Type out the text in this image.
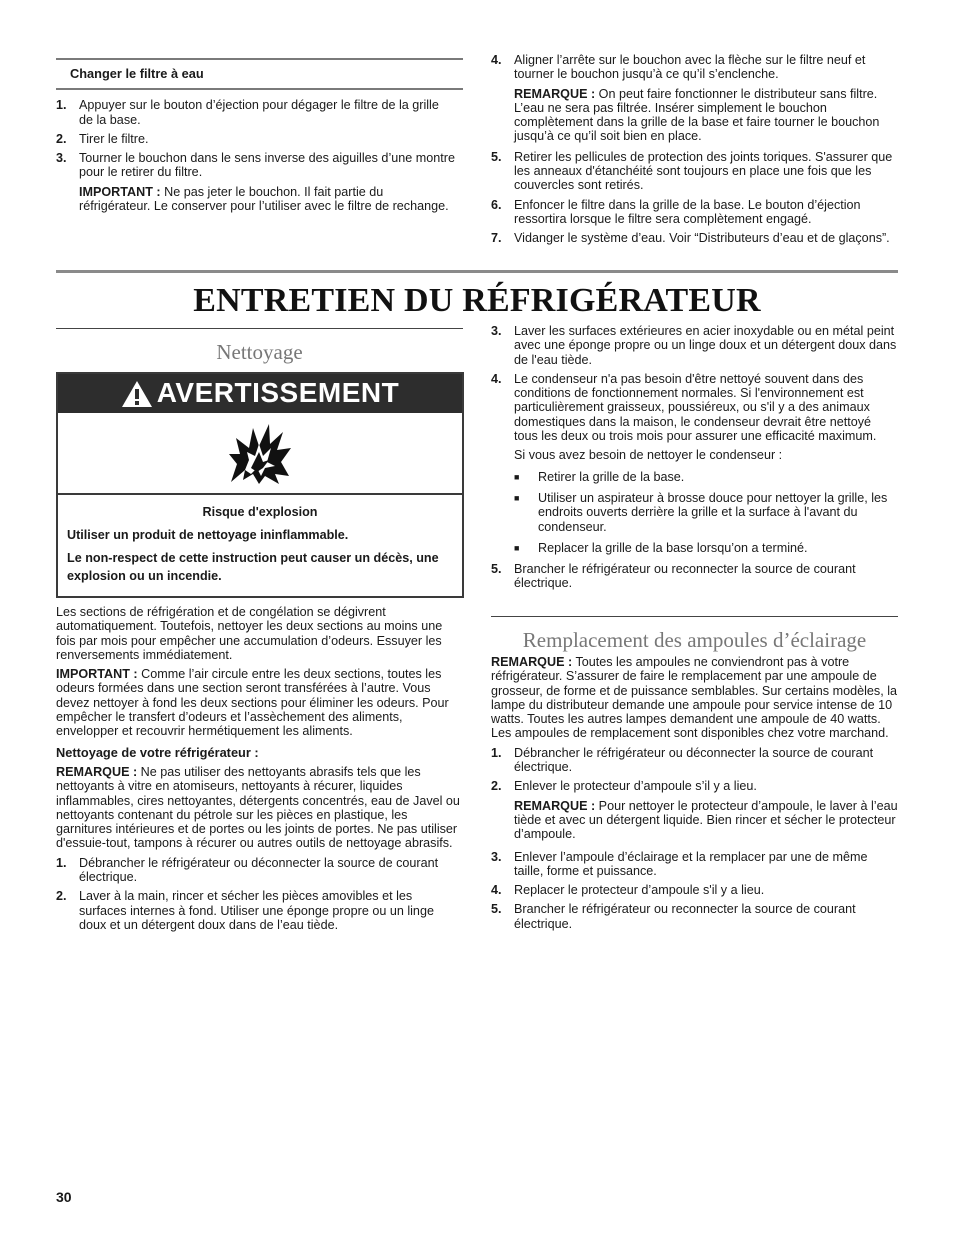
Changer le filtre à eau

1. Appuyer sur le bouton d’éjection pour dégager le filtre de la grille de la base.
2. Tirer le filtre.
3. Tourner le bouchon dans le sens inverse des aiguilles d’une montre pour le retirer du filtre.

IMPORTANT : Ne pas jeter le bouchon. Il fait partie du réfrigérateur. Le conserver pour l’utiliser avec le filtre de rechange.

4. Aligner l’arrête sur le bouchon avec la flèche sur le filtre neuf et tourner le bouchon jusqu’à ce qu’il s’enclenche.

REMARQUE : On peut faire fonctionner le distributeur sans filtre. L’eau ne sera pas filtrée. Insérer simplement le bouchon complètement dans la grille de la base et faire tourner le bouchon jusqu’à ce qu’il soit bien en place.

5. Retirer les pellicules de protection des joints toriques. S'assurer que les anneaux d'étanchéité sont toujours en place une fois que les couvercles sont retirés.
6. Enfoncer le filtre dans la grille de la base. Le bouton d’éjection ressortira lorsque le filtre sera complètement engagé.
7. Vidanger le système d’eau. Voir “Distributeurs d’eau et de glaçons”.
ENTRETIEN DU RÉFRIGÉRATEUR
Nettoyage
AVERTISSEMENT

Risque d'explosion

Utiliser un produit de nettoyage ininflammable.

Le non-respect de cette instruction peut causer un décès, une explosion ou un incendie.

Les sections de réfrigération et de congélation se dégivrent automatiquement. Toutefois, nettoyer les deux sections au moins une fois par mois pour empêcher une accumulation d’odeurs. Essuyer les renversements immédiatement.

IMPORTANT : Comme l’air circule entre les deux sections, toutes les odeurs formées dans une section seront transférées à l’autre. Vous devez nettoyer à fond les deux sections pour éliminer les odeurs. Pour empêcher le transfert d’odeurs et l’assèchement des aliments, envelopper et recouvrir hermétiquement les aliments.

Nettoyage de votre réfrigérateur :

REMARQUE : Ne pas utiliser des nettoyants abrasifs tels que les nettoyants à vitre en atomiseurs, nettoyants à récurer, liquides inflammables, cires nettoyantes, détergents concentrés, eau de Javel ou nettoyants contenant du pétrole sur les pièces en plastique, les garnitures intérieures et de portes ou les joints de portes. Ne pas utiliser d'essuie-tout, tampons à récurer ou autres outils de nettoyage abrasifs.

1. Débrancher le réfrigérateur ou déconnecter la source de courant électrique.
2. Laver à la main, rincer et sécher les pièces amovibles et les surfaces internes à fond. Utiliser une éponge propre ou un linge doux et un détergent doux dans de l’eau tiède.
3. Laver les surfaces extérieures en acier inoxydable ou en métal peint avec une éponge propre ou un linge doux et un détergent doux dans de l'eau tiède.
4. Le condenseur n'a pas besoin d'être nettoyé souvent dans des conditions de fonctionnement normales. Si l'environnement est particulièrement graisseux, poussiéreux, ou s'il y a des animaux domestiques dans la maison, le condenseur devrait être nettoyé tous les deux ou trois mois pour assurer une efficacité maximum.

Si vous avez besoin de nettoyer le condenseur :

■	Retirer la grille de la base.
■	Utiliser un aspirateur à brosse douce pour nettoyer la grille, les endroits ouverts derrière la grille et la surface à l'avant du condenseur.
■	Replacer la grille de la base lorsqu’on a terminé.
5. Brancher le réfrigérateur ou reconnecter la source de courant électrique.
Remplacement des ampoules d’éclairage

REMARQUE : Toutes les ampoules ne conviendront pas à votre réfrigérateur. S’assurer de faire le remplacement par une ampoule de grosseur, de forme et de puissance semblables. Sur certains modèles, la lampe du distributeur demande une ampoule pour service intense de 10 watts. Toutes les autres lampes demandent une ampoule de 40 watts. Les ampoules de remplacement sont disponibles chez votre marchand.

1. Débrancher le réfrigérateur ou déconnecter la source de courant électrique.
2. Enlever le protecteur d’ampoule s’il y a lieu.

REMARQUE : Pour nettoyer le protecteur d’ampoule, le laver à l’eau tiède et avec un détergent liquide. Bien rincer et sécher le protecteur d’ampoule.

3. Enlever l’ampoule d’éclairage et la remplacer par une de même taille, forme et puissance.
4. Replacer le protecteur d’ampoule s'il y a lieu.
5. Brancher le réfrigérateur ou reconnecter la source de courant électrique.
30
